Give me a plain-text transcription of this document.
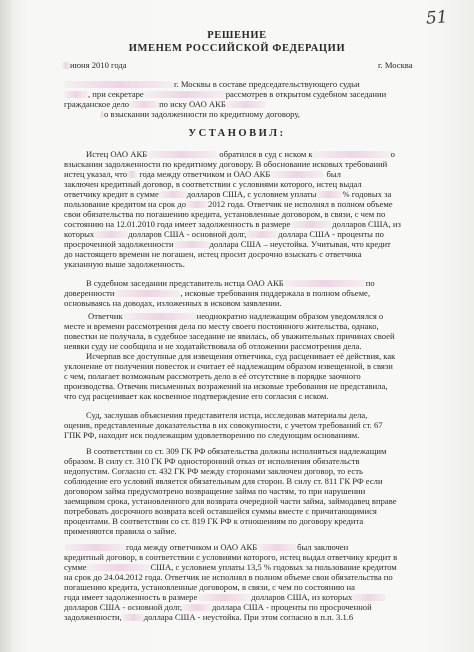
51
РЕШЕНИЕ
ИМЕНЕМ РОССИЙСКОЙ ФЕДЕРАЦИИ
июня 2010 года	г. Москва
г. Москвы в составе председательствующего судьи
, при секретаре	рассмотрев в открытом судебном заседании
гражданское дело	по иску ОАО АКБ
о взыскании задолженности по кредитному договору,
УСТАНОВИЛ:
Истец ОАО АКБ	обратился в суд с иском к	о
взыскании задолженности по кредитному договору. В обоснование исковых требований
истец указал, что года между ответчиком и ОАО АКБ	был
заключен кредитный договор, в соответствии с условиями которого, истец выдал
ответчику кредит в сумме	долларов США, с условием уплаты	% годовых за
пользование кредитом на срок до	2012 года. Ответчик не исполнял в полном объеме
свои обязательства по погашению кредита, установленные договором, в связи, с чем по
состоянию на 12.01.2010 года имеет задолженность в размере	долларов США, из
которых	долларов США - основной долг,	доллара США - проценты по
просроченной задолженности	доллара США – неустойка. Учитывая, что кредит
до настоящего времени не погашен, истец просит досрочно взыскать с ответчика
указанную выше задолженность.
В судебном заседании представитель истца ОАО АКБ	по
доверенности	, исковые требования поддержала в полном объеме,
основываясь на доводах, изложенных в исковом заявлении.
Ответчик	неоднократно надлежащим образом уведомлялся о
месте и времени рассмотрения дела по месту своего постоянного жительства, однако,
повестки не получала, в судебное заседание не явилась, об уважительных причинах своей
неявки суду не сообщила и не ходатайствовала об отложении рассмотрения дела.
Исчерпав все доступные для извещения ответчика, суд расценивает её действия, как
уклонение от получения повесток и считает её надлежащим образом извещенной, в связи
с чем, полагает возможным рассмотреть дело в её отсутствие в порядке заочного
производства. Отвечик письменных возражений на исковые требования не представила,
что суд расценивает как косвенное подтверждение его согласия с иском.
Суд, заслушав объяснения представителя истца, исследовав материалы дела,
оценив, представленные доказательства в их совокупности, с учетом требований ст. 67
ГПК РФ, находит иск подлежащим удовлетворению по следующим основаниям.
В соответствии со ст. 309 ГК РФ обязательства должны исполняться надлежащим
образом. В силу ст. 310 ГК РФ односторонний отказ от исполнения обязательств
недопустим. Согласно ст. 432 ГК РФ между сторонами заключен договор, то есть
соблюдение его условий является обязательным для сторон. В силу ст. 811 ГК РФ если
договором займа предусмотрено возвращение займа по частям, то при нарушении
заемщиком срока, установленного для возврата очередной части займа, займодавец вправе
потребовать досрочного возврата всей оставшейся суммы вместе с причитающимися
процентами. В соответствии со ст. 819 ГК РФ к отношениям по договору кредита
применяются правила о займе.
года между ответчиком и ОАО АКБ	был заключен
кредитный договор, в соответствии с условиями которого, истец выдал ответчику кредит в
сумме	США, с условием уплаты 13,5 % годовых за пользование кредитом
на срок до 24.04.2012 года. Ответчик не исполнял в полном объеме свои обязательства по
погашению кредита, установленные договором, в связи, с чем по состоянию на
года имеет задолженность в размере	долларов США, из которых
долларов США - основной долг,	доллара США - проценты по просроченной
задолженности,	доллара США - неустойка. При этом согласно в п.п. 3.1.6
